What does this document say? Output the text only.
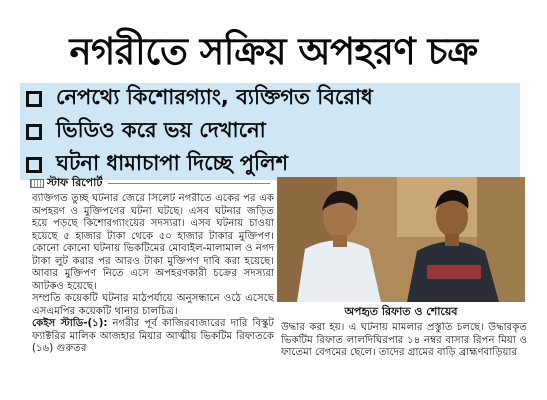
নগরীতে সক্রিয় অপহরণ চক্র
নেপথ্যে কিশোরগ্যাং, ব্যক্তিগত বিরোধ
ভিডিও করে ভয় দেখানো
ঘটনা ধামাচাপা দিচ্ছে পুলিশ
স্টাফ রিপোর্ট

ব্যক্তিগত তুচ্ছ ঘটনার জেরে সিলেট নগরীতে একের পর এক অপহরণ ও মুক্তিপণের ঘটনা ঘটছে। এসব ঘটনার জড়িত হয়ে পড়ছে কিশোরগ্যাংয়ের সদস্যরা। এসব ঘটনায় চাওয়া হয়েছে ৫ হাজার টাকা থেকে ৫০ হাজার টাকার মুক্তিপণ। কোনো কোনো ঘটনায় ভিকটিমের মোবাইল-মালামাল ও নগদ টাকা লুট করার পর আরও টাকা মুক্তিপণ দাবি করা হয়েছে। আবার মুক্তিপণ নিতে এসে অপহরণকারী চক্রের সদস্যরা আটকও হয়েছে।

সম্প্রতি কয়েকটি ঘটনার মাঠপর্যায়ে অনুসন্ধানে ওঠে এসেছে এসএমপির কয়েকটি থানার চালচিত্র।

কেইস স্টাডি-(১): নগরীর পূর্ব কাজিরবাজারের দারি বিস্কুট ফ্যাক্টরির মালিক আজহার মিয়ার আত্মীয় ভিকটিম রিফাতকে (১৬) গুরুতর

অপহৃত রিফাত ও শোয়েব

উদ্ধার করা হয়। এ ঘটনায় মামলার প্রস্তুতি চলছে। উদ্ধারকৃত ভিকটিম রিফাত লালদিঘিরপার ১৪ নম্বর বাসার রিপন মিয়া ও ফাতেমা বেগমের ছেলে। তাদের গ্রামের বাড়ি ব্রাহ্মণবাড়িয়ার
